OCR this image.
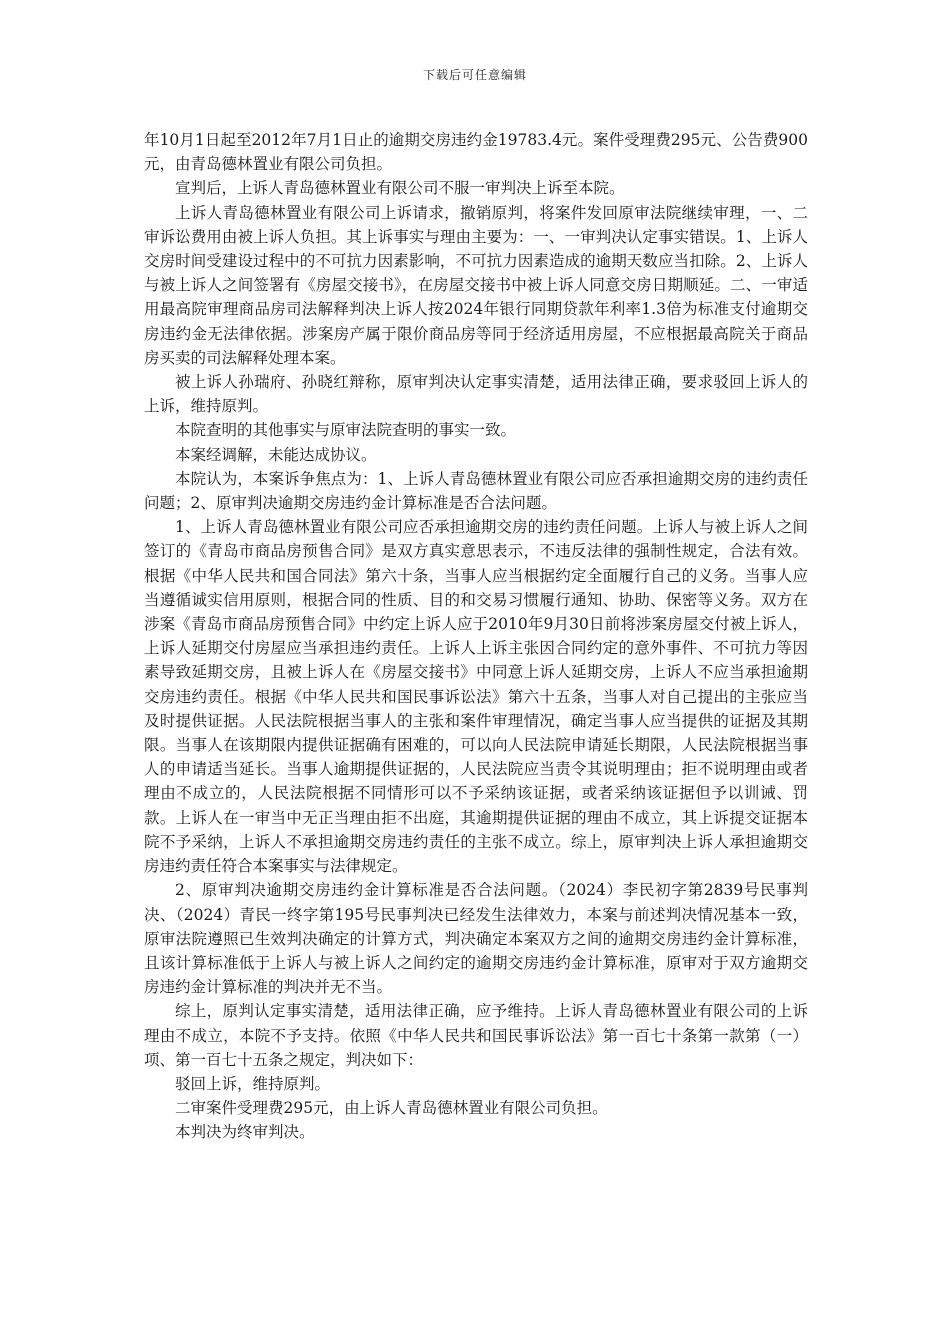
下载后可任意编辑

年10月1日起至2012年7月1日止的逾期交房违约金19783.4元。案件受理费295元、公告费900元，由青岛德林置业有限公司负担。

宣判后，上诉人青岛德林置业有限公司不服一审判决上诉至本院。

上诉人青岛德林置业有限公司上诉请求，撤销原判，将案件发回原审法院继续审理，一、二审诉讼费用由被上诉人负担。其上诉事实与理由主要为：一、一审判决认定事实错误。1、上诉人交房时间受建设过程中的不可抗力因素影响，不可抗力因素造成的逾期天数应当扣除。2、上诉人与被上诉人之间签署有《房屋交接书》，在房屋交接书中被上诉人同意交房日期顺延。二、一审适用最高院审理商品房司法解释判决上诉人按2024年银行同期贷款年利率1.3倍为标准支付逾期交房违约金无法律依据。涉案房产属于限价商品房等同于经济适用房屋，不应根据最高院关于商品房买卖的司法解释处理本案。

被上诉人孙瑞府、孙晓红辩称，原审判决认定事实清楚，适用法律正确，要求驳回上诉人的上诉，维持原判。

本院查明的其他事实与原审法院查明的事实一致。

本案经调解，未能达成协议。

本院认为，本案诉争焦点为：1、上诉人青岛德林置业有限公司应否承担逾期交房的违约责任问题；2、原审判决逾期交房违约金计算标准是否合法问题。

1、上诉人青岛德林置业有限公司应否承担逾期交房的违约责任问题。上诉人与被上诉人之间签订的《青岛市商品房预售合同》是双方真实意思表示，不违反法律的强制性规定，合法有效。根据《中华人民共和国合同法》第六十条，当事人应当根据约定全面履行自己的义务。当事人应当遵循诚实信用原则，根据合同的性质、目的和交易习惯履行通知、协助、保密等义务。双方在涉案《青岛市商品房预售合同》中约定上诉人应于2010年9月30日前将涉案房屋交付被上诉人，上诉人延期交付房屋应当承担违约责任。上诉人上诉主张因合同约定的意外事件、不可抗力等因素导致延期交房，且被上诉人在《房屋交接书》中同意上诉人延期交房，上诉人不应当承担逾期交房违约责任。根据《中华人民共和国民事诉讼法》第六十五条，当事人对自己提出的主张应当及时提供证据。人民法院根据当事人的主张和案件审理情况，确定当事人应当提供的证据及其期限。当事人在该期限内提供证据确有困难的，可以向人民法院申请延长期限，人民法院根据当事人的申请适当延长。当事人逾期提供证据的，人民法院应当责令其说明理由；拒不说明理由或者理由不成立的，人民法院根据不同情形可以不予采纳该证据，或者采纳该证据但予以训诫、罚款。上诉人在一审当中无正当理由拒不出庭，其逾期提供证据的理由不成立，其上诉提交证据本院不予采纳，上诉人不承担逾期交房违约责任的主张不成立。综上，原审判决上诉人承担逾期交房违约责任符合本案事实与法律规定。

2、原审判决逾期交房违约金计算标准是否合法问题。（2024）李民初字第2839号民事判决、（2024）青民一终字第195号民事判决已经发生法律效力，本案与前述判决情况基本一致，原审法院遵照已生效判决确定的计算方式，判决确定本案双方之间的逾期交房违约金计算标准，且该计算标准低于上诉人与被上诉人之间约定的逾期交房违约金计算标准，原审对于双方逾期交房违约金计算标准的判决并无不当。

综上，原判认定事实清楚，适用法律正确，应予维持。上诉人青岛德林置业有限公司的上诉理由不成立，本院不予支持。依照《中华人民共和国民事诉讼法》第一百七十条第一款第（一）项、第一百七十五条之规定，判决如下：

驳回上诉，维持原判。

二审案件受理费295元，由上诉人青岛德林置业有限公司负担。

本判决为终审判决。
